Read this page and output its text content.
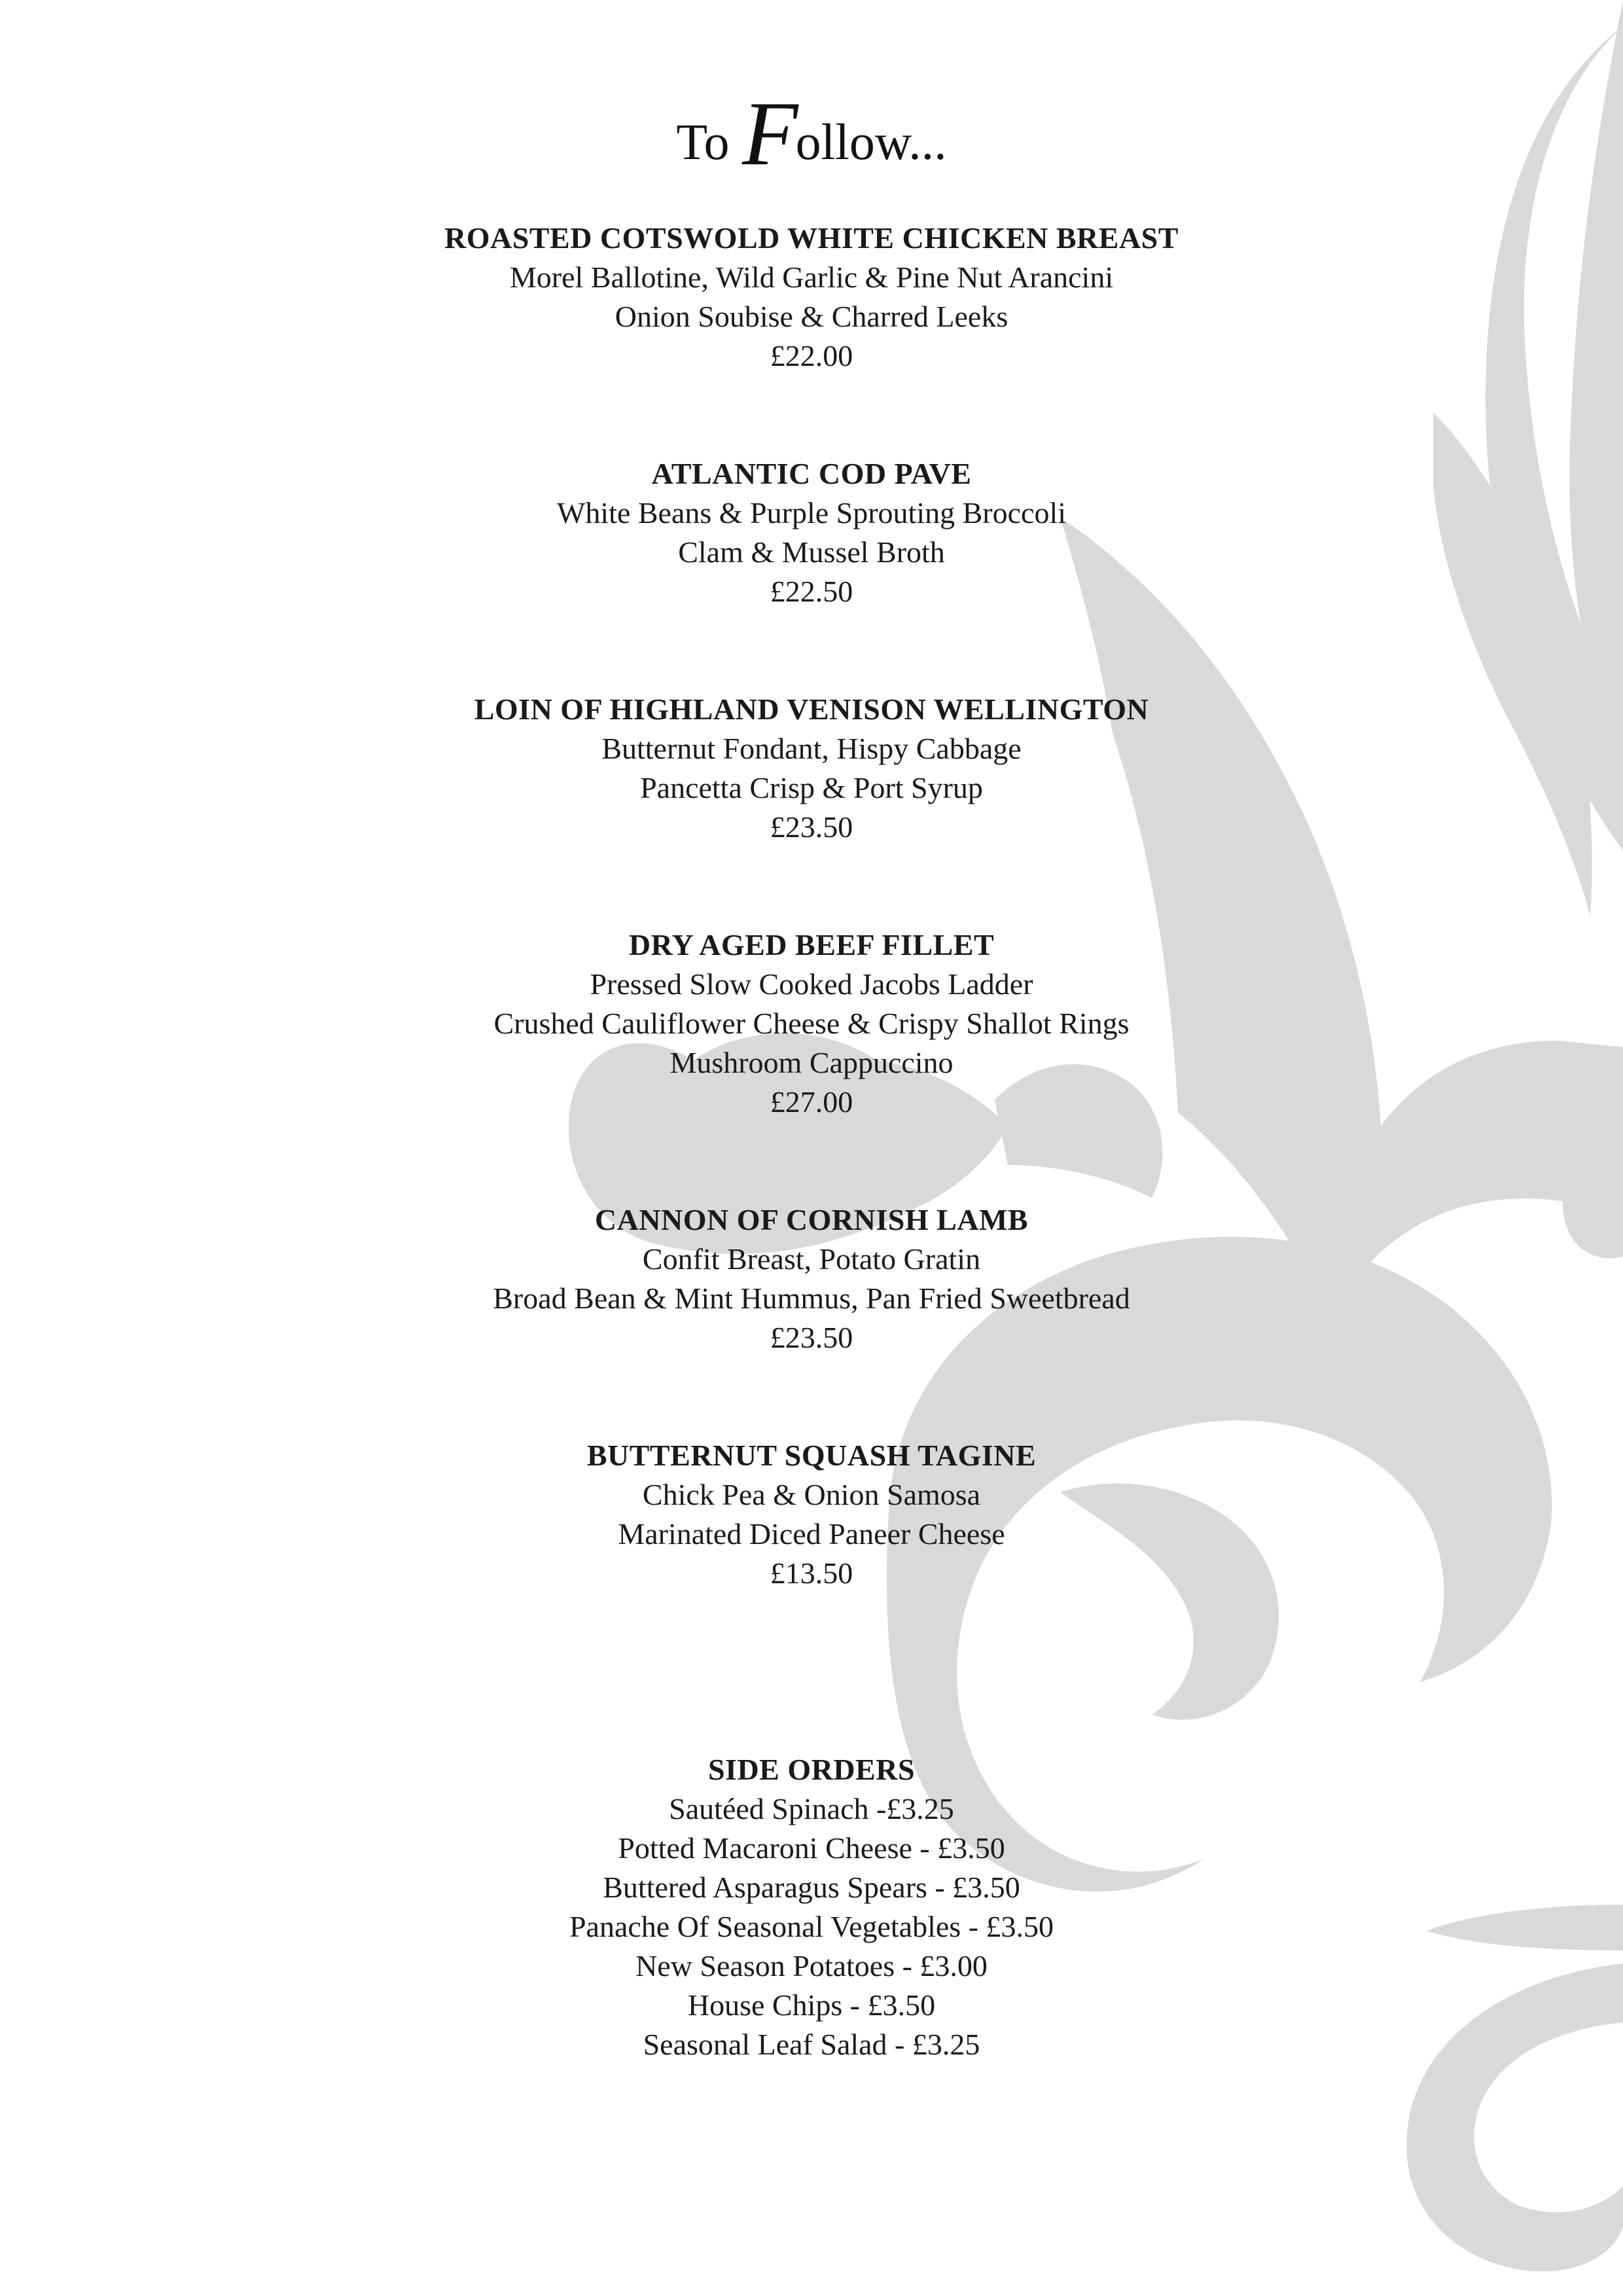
To Follow...
ROASTED COTSWOLD WHITE CHICKEN BREAST
Morel Ballotine, Wild Garlic & Pine Nut Arancini
Onion Soubise & Charred Leeks
£22.00
ATLANTIC COD PAVE
White Beans & Purple Sprouting Broccoli
Clam & Mussel Broth
£22.50
LOIN OF HIGHLAND VENISON WELLINGTON
Butternut Fondant, Hispy Cabbage
Pancetta Crisp & Port Syrup
£23.50
DRY AGED BEEF FILLET
Pressed Slow Cooked Jacobs Ladder
Crushed Cauliflower Cheese & Crispy Shallot Rings
Mushroom Cappuccino
£27.00
CANNON OF CORNISH LAMB
Confit Breast, Potato Gratin
Broad Bean & Mint Hummus, Pan Fried Sweetbread
£23.50
BUTTERNUT SQUASH TAGINE
Chick Pea & Onion Samosa
Marinated Diced Paneer Cheese
£13.50
SIDE ORDERS
Sautéed Spinach -£3.25
Potted Macaroni Cheese - £3.50
Buttered Asparagus Spears - £3.50
Panache Of Seasonal Vegetables - £3.50
New Season Potatoes - £3.00
House Chips - £3.50
Seasonal Leaf Salad - £3.25
